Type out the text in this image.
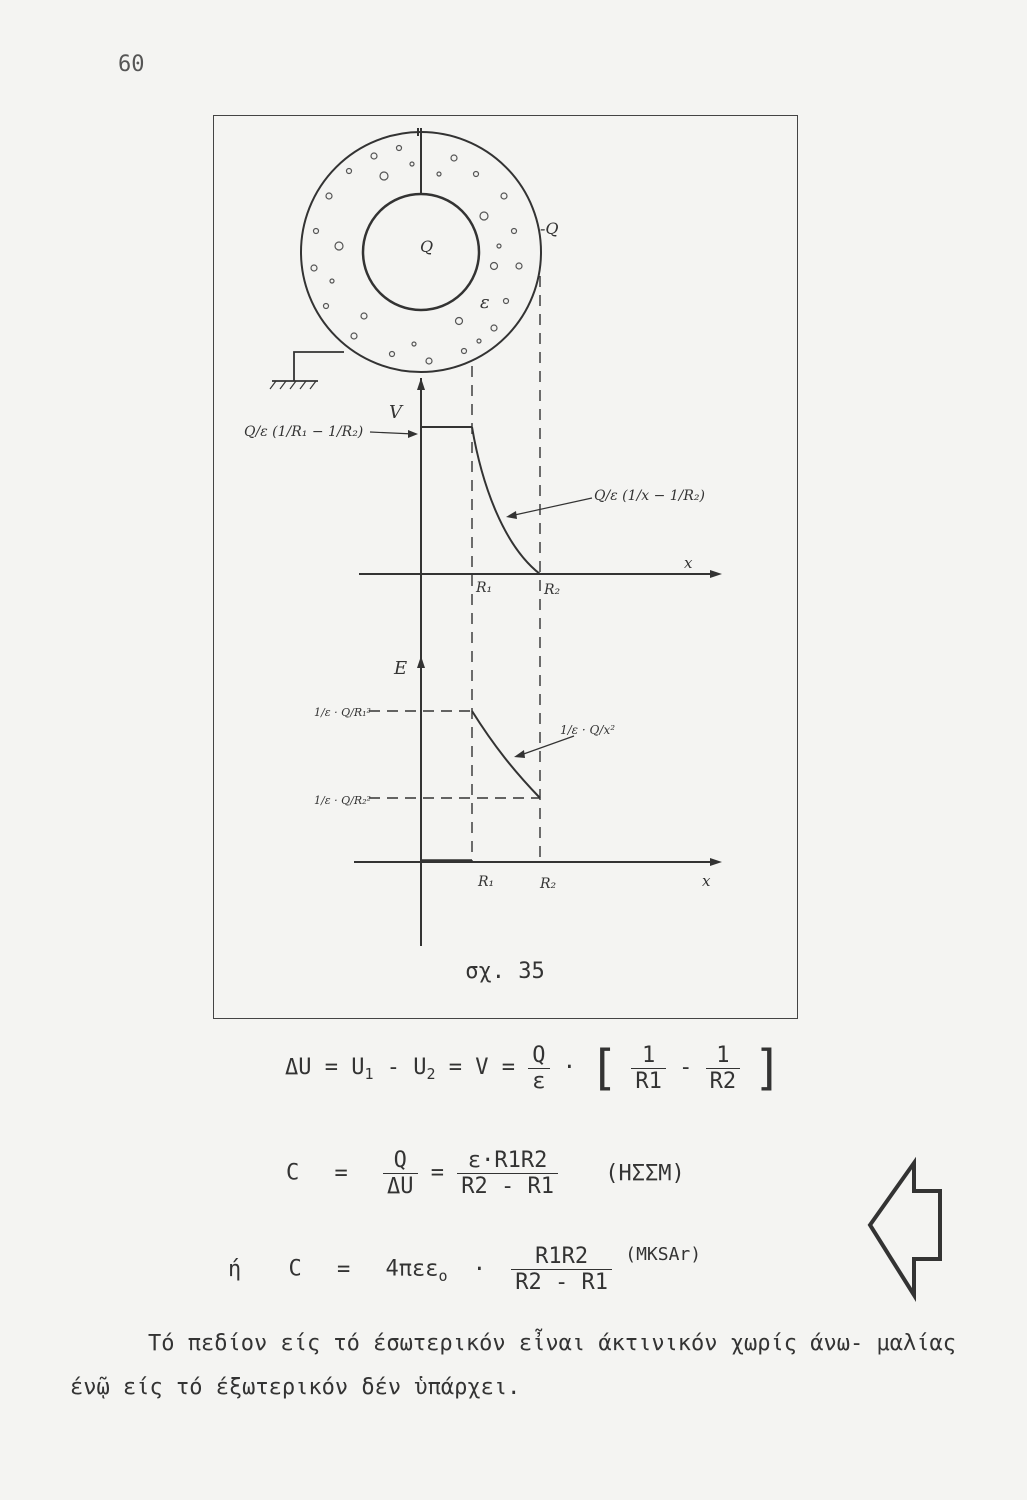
60
Q
-Q
ε
V
x
R₁	R₂
Q/ε (1/R₁ − 1/R₂)
Q/ε (1/x − 1/R₂)
E
x
R₁	R₂
1/ε · Q/R₁²
1/ε · Q/R₂²
1/ε · Q/x²
σχ. 35
$\Delta U = U_1 - U_2 = V = \frac{Q}{\varepsilon}$ · [ $\frac{1}{R1} - \frac{1}{R2}$ ]
$C = \frac{Q}{\Delta U} = \frac{\varepsilon\cdot R1R2}{R2 - R1} (H\Sigma\Sigma M)$
ή $C = 4\pi\varepsilon\varepsilon_o \cdot \frac{R1R2}{R2 - R1} ^{(MKSAr)}$
Τό πεδίον είς τό έσωτερικόν εἶναι άκτινικόν χωρίς άνω- μαλίας ένῷ είς τό έξωτερικόν δέν ὑπάρχει.
